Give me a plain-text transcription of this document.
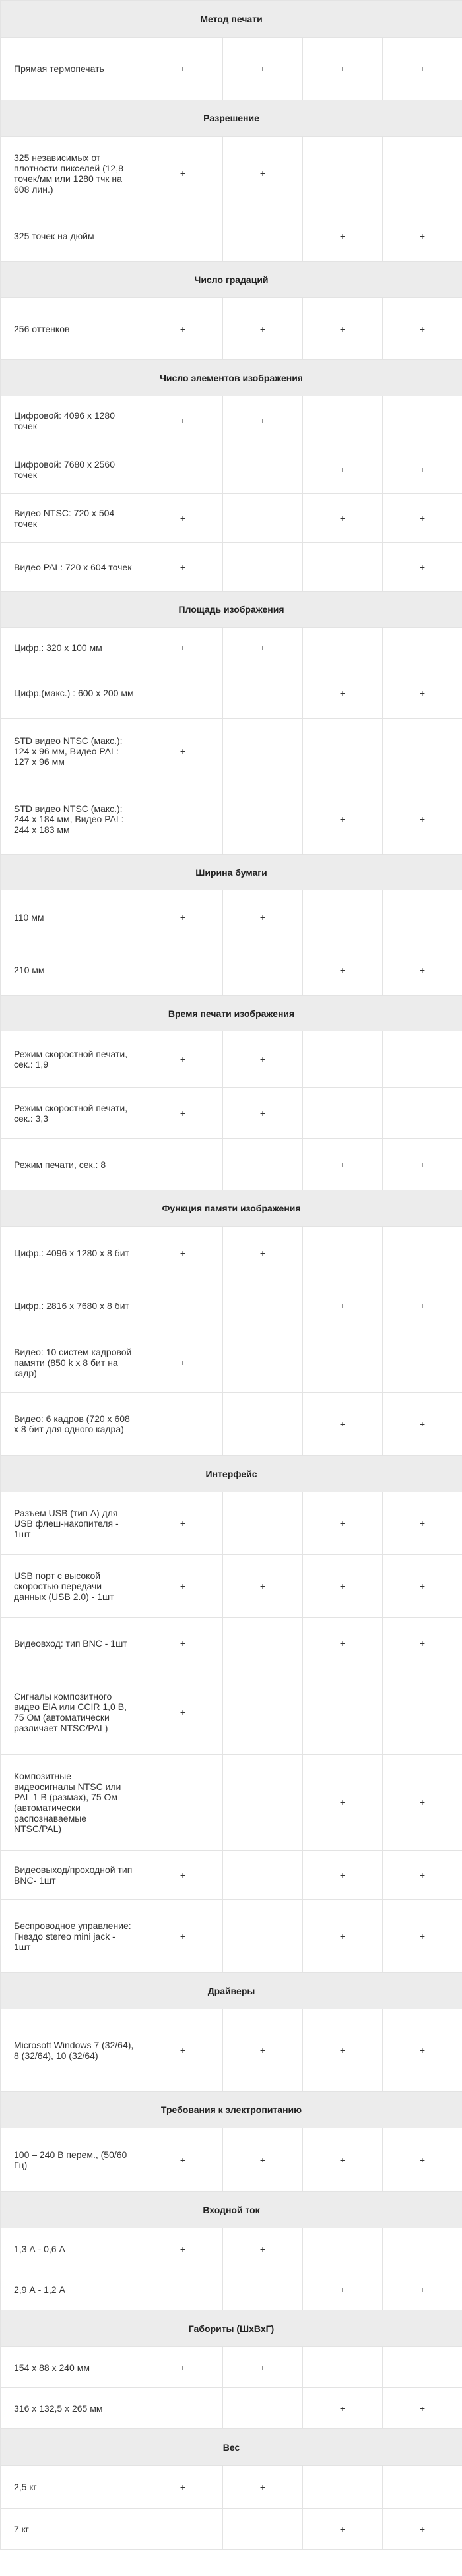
Метод печати				
Прямая термопечать	+	+	+	+
Разрешение				
325 независимых от плотности пикселей (12,8 точек/мм или 1280 тчк на 608 лин.)	+	+		
325 точек на дюйм			+	+
Число градаций				
256 оттенков	+	+	+	+
Число элементов изображения				
Цифровой: 4096 x 1280 точек	+	+		
Цифровой: 7680 x 2560 точек			+	+
Видео NTSC: 720 x 504 точек	+		+	+
Видео PAL: 720 x 604 точек	+			+
Площадь изображения				
Цифр.: 320 x 100 мм	+	+		
Цифр.(макс.) : 600 x 200 мм			+	+
STD видео NTSC (макс.): 124 x 96 мм, Видео PAL: 127 x 96 мм	+			
STD видео NTSC (макс.): 244 x 184 мм, Видео PAL: 244 x 183 мм			+	+
Ширина бумаги				
110 мм	+	+		
210 мм			+	+
Время печати изображения				
Режим скоростной печати, сек.: 1,9	+	+		
Режим скоростной печати, сек.: 3,3	+	+		
Режим печати, сек.: 8			+	+
Функция памяти изображения				
Цифр.: 4096 x 1280 x 8 бит	+	+		
Цифр.: 2816 x 7680 x 8 бит			+	+
Видео: 10 систем кадровой памяти (850 k x 8 бит на кадр)	+			
Видео: 6 кадров (720 x 608 x 8 бит для одного кадра)			+	+
Интерфейс				
Разъем USB (тип A) для USB флеш-накопителя - 1шт	+		+	+
USB порт с высокой скоростью передачи данных (USB 2.0) - 1шт	+	+	+	+
Видеовход: тип BNC - 1шт	+		+	+
Сигналы композитного видео EIA или CCIR 1,0 В, 75 Ом (автоматически различает NTSC/PAL)	+			
Композитные видеосигналы NTSC или PAL 1 В (размах), 75 Ом (автоматически распознаваемые NTSC/PAL)			+	+
Видеовыход/проходной тип BNC- 1шт	+		+	+
Беспроводное управление: Гнездо stereo mini jack - 1шт	+		+	+
Драйверы				
Microsoft Windows 7 (32/64), 8 (32/64), 10 (32/64)	+	+	+	+
Требования к электропитанию				
100 – 240 В перем., (50/60 Гц)	+	+	+	+
Входной ток				
1,3 А - 0,6 А	+	+		
2,9 А - 1,2 А			+	+
Габориты (ШхВхГ)				
154 x 88 x 240 мм	+	+		
316 x 132,5 x 265 мм			+	+
Вес				
2,5 кг	+	+		
7 кг			+	+
